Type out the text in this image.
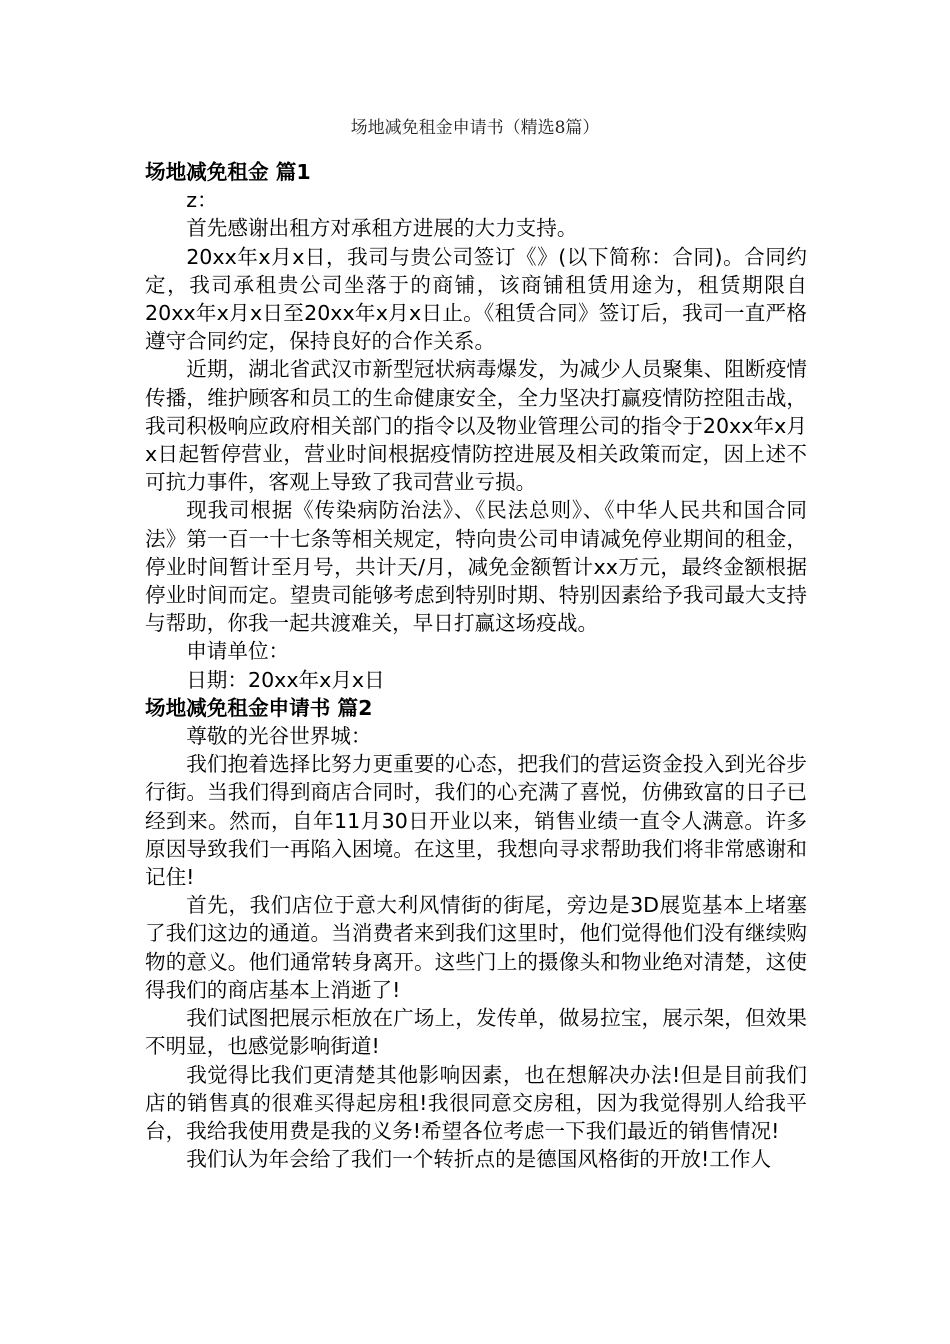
场地减免租金申请书（精选8篇）

场地减免租金 篇1

z：

首先感谢出租方对承租方进展的大力支持。

20xx年x月x日，我司与贵公司签订《》(以下简称：合同)。合同约定，我司承租贵公司坐落于的商铺，该商铺租赁用途为，租赁期限自20xx年x月x日至20xx年x月x日止。《租赁合同》签订后，我司一直严格遵守合同约定，保持良好的合作关系。

近期，湖北省武汉市新型冠状病毒爆发，为减少人员聚集、阻断疫情传播，维护顾客和员工的生命健康安全，全力坚决打赢疫情防控阻击战，我司积极响应政府相关部门的指令以及物业管理公司的指令于20xx年x月x日起暂停营业，营业时间根据疫情防控进展及相关政策而定，因上述不可抗力事件，客观上导致了我司营业亏损。

现我司根据《传染病防治法》、《民法总则》、《中华人民共和国合同法》第一百一十七条等相关规定，特向贵公司申请减免停业期间的租金，停业时间暂计至月号，共计天/月，减免金额暂计xx万元，最终金额根据停业时间而定。望贵司能够考虑到特别时期、特别因素给予我司最大支持与帮助，你我一起共渡难关，早日打赢这场疫战。

申请单位：

日期：20xx年x月x日

场地减免租金申请书 篇2

尊敬的光谷世界城：

我们抱着选择比努力更重要的心态，把我们的营运资金投入到光谷步行街。当我们得到商店合同时，我们的心充满了喜悦，仿佛致富的日子已经到来。然而，自年11月30日开业以来，销售业绩一直令人满意。许多原因导致我们一再陷入困境。在这里，我想向寻求帮助我们将非常感谢和记住!

首先，我们店位于意大利风情街的街尾，旁边是3D展览基本上堵塞了我们这边的通道。当消费者来到我们这里时，他们觉得他们没有继续购物的意义。他们通常转身离开。这些门上的摄像头和物业绝对清楚，这使得我们的商店基本上消逝了!

我们试图把展示柜放在广场上，发传单，做易拉宝，展示架，但效果不明显，也感觉影响街道!

我觉得比我们更清楚其他影响因素，也在想解决办法!但是目前我们店的销售真的很难买得起房租!我很同意交房租，因为我觉得别人给我平台，我给我使用费是我的义务!希望各位考虑一下我们最近的销售情况!

我们认为年会给了我们一个转折点的是德国风格街的开放!工作人
